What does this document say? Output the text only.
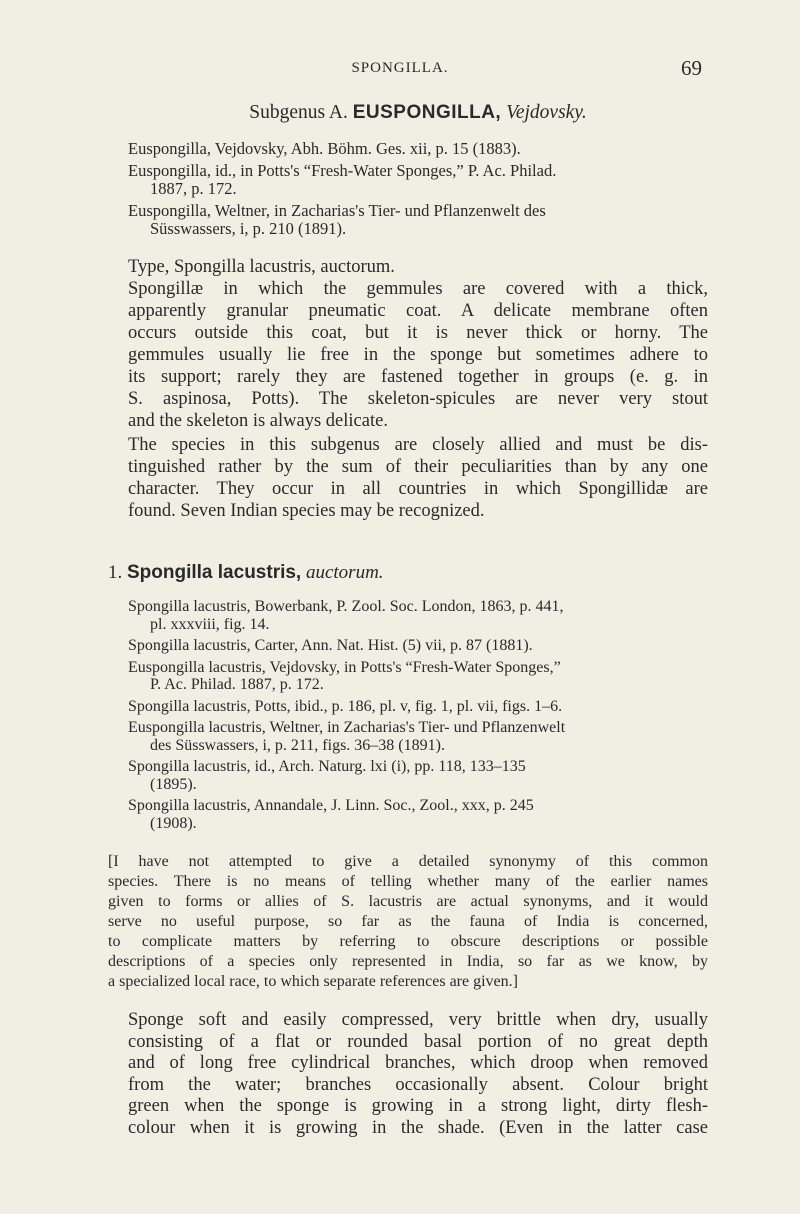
SPONGILLA.	69
Subgenus A. EUSPONGILLA, Vejdovsky.
Euspongilla, Vejdovsky, Abh. Böhm. Ges. xii, p. 15 (1883).
Euspongilla, id., in Potts's “Fresh-Water Sponges,” P. Ac. Philad.
1887, p. 172.
Euspongilla, Weltner, in Zacharias's Tier- und Pflanzenwelt des
Süsswassers, i, p. 210 (1891).
Type, Spongilla lacustris, auctorum.
Spongillæ in which the gemmules are covered with a thick,
apparently granular pneumatic coat. A delicate membrane often
occurs outside this coat, but it is never thick or horny. The
gemmules usually lie free in the sponge but sometimes adhere to
its support; rarely they are fastened together in groups (e. g. in
S. aspinosa, Potts). The skeleton-spicules are never very stout
and the skeleton is always delicate.
The species in this subgenus are closely allied and must be dis-
tinguished rather by the sum of their peculiarities than by any one
character. They occur in all countries in which Spongillidæ are
found. Seven Indian species may be recognized.
1. Spongilla lacustris, auctorum.
Spongilla lacustris, Bowerbank, P. Zool. Soc. London, 1863, p. 441,
pl. xxxviii, fig. 14.
Spongilla lacustris, Carter, Ann. Nat. Hist. (5) vii, p. 87 (1881).
Euspongilla lacustris, Vejdovsky, in Potts's “Fresh-Water Sponges,”
P. Ac. Philad. 1887, p. 172.
Spongilla lacustris, Potts, ibid., p. 186, pl. v, fig. 1, pl. vii, figs. 1–6.
Euspongilla lacustris, Weltner, in Zacharias's Tier- und Pflanzenwelt
des Süsswassers, i, p. 211, figs. 36–38 (1891).
Spongilla lacustris, id., Arch. Naturg. lxi (i), pp. 118, 133–135
(1895).
Spongilla lacustris, Annandale, J. Linn. Soc., Zool., xxx, p. 245
(1908).
[I have not attempted to give a detailed synonymy of this common
species. There is no means of telling whether many of the earlier names
given to forms or allies of S. lacustris are actual synonyms, and it would
serve no useful purpose, so far as the fauna of India is concerned,
to complicate matters by referring to obscure descriptions or possible
descriptions of a species only represented in India, so far as we know, by
a specialized local race, to which separate references are given.]
Sponge soft and easily compressed, very brittle when dry, usually
consisting of a flat or rounded basal portion of no great depth
and of long free cylindrical branches, which droop when removed
from the water; branches occasionally absent. Colour bright
green when the sponge is growing in a strong light, dirty flesh-
colour when it is growing in the shade. (Even in the latter case
